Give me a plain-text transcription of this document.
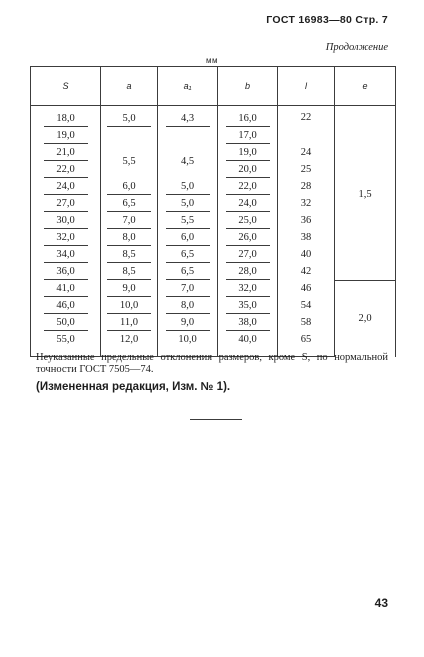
ГОСТ 16983—80 Стр. 7
Продолжение
мм
S	a	a₁	b	l	e

18,0	5,0	4,3	16,0	22	1,5

19,0			17,0		

21,0	5,5	4,5	19,0	24	

22,0			20,0	25	

24,0	6,0	5,0	22,0	28	

27,0	6,5	5,0	24,0	32	

30,0	7,0	5,5	25,0	36	

32,0	8,0	6,0	26,0	38	

34,0	8,5	6,5	27,0	40	

36,0	8,5	6,5	28,0	42	

41,0	9,0	7,0	32,0	46	2,0

46,0	10,0	8,0	35,0	54	

50,0	11,0	9,0	38,0	58	

55,0	12,0	10,0	40,0	65	
Неуказанные предельные отклонения размеров, кроме S, по нормальной точности ГОСТ 7505—74.
(Измененная редакция, Изм. № 1).
43
